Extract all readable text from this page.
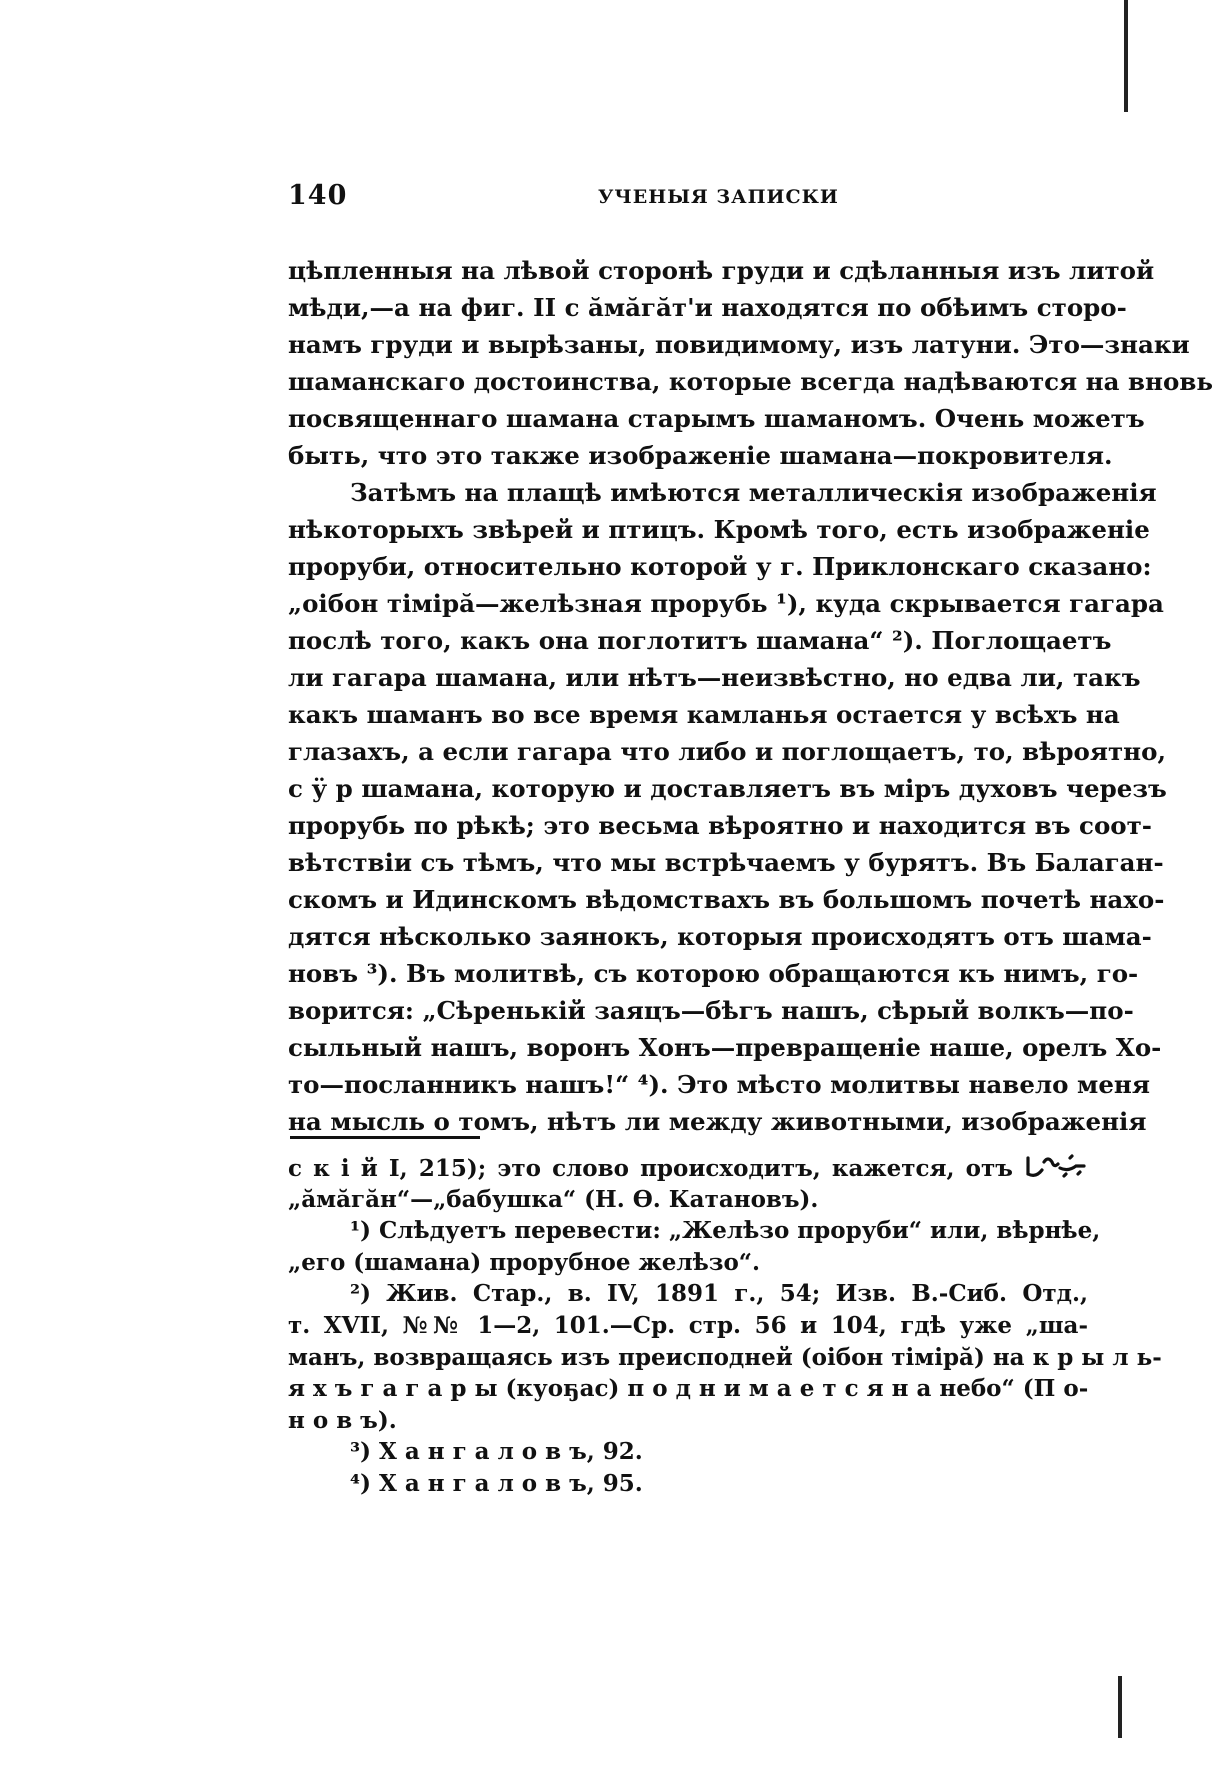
140	УЧЕНЫЯ ЗАПИСКИ
цѣпленныя на лѣвой сторонѣ груди и сдѣланныя изъ литой
мѣди,—а на фиг. II с ӑмӑгӑт'и находятся по обѣимъ сторо-
намъ груди и вырѣзаны, повидимому, изъ латуни. Это—знаки
шаманскаго достоинства, которые всегда надѣваются на вновь
посвященнаго шамана старымъ шаманомъ. Очень можетъ
быть, что это также изображеніе шамана—покровителя.
Затѣмъ на плащѣ имѣются металлическія изображенія
нѣкоторыхъ звѣрей и птицъ. Кромѣ того, есть изображеніе
проруби, относительно которой у г. Приклонскаго сказано:
„оiбон тiмiрӑ—желѣзная прорубь ¹), куда скрывается гагара
послѣ того, какъ она поглотитъ шамана“ ²). Поглощаетъ
ли гагара шамана, или нѣтъ—неизвѣстно, но едва ли, такъ
какъ шаманъ во все время камланья остается у всѣхъ на
глазахъ, а если гагара что либо и поглощаетъ, то, вѣроятно,
с ӱ р шамана, которую и доставляетъ въ міръ духовъ черезъ
прорубь по рѣкѣ; это весьма вѣроятно и находится въ соот-
вѣтствіи съ тѣмъ, что мы встрѣчаемъ у бурятъ. Въ Балаган-
скомъ и Идинскомъ вѣдомствахъ въ большомъ почетѣ нахо-
дятся нѣсколько заянокъ, которыя происходятъ отъ шама-
новъ ³). Въ молитвѣ, съ которою обращаются къ нимъ, го-
ворится: „Сѣренькій заяцъ—бѣгъ нашъ, сѣрый волкъ—по-
сыльный нашъ, воронъ Хонъ—превращеніе наше, орелъ Хо-
то—посланникъ нашъ!“ ⁴). Это мѣсто молитвы навело меня
на мысль о томъ, нѣтъ ли между животными, изображенія
с к і й I, 215); это слово происходитъ, кажется, отъ
„ӑмӑгӑн“—„бабушка“ (Н. Ѳ. Катановъ).
¹) Слѣдуетъ перевести: „Желѣзо проруби“ или, вѣрнѣе,
„его (шамана) прорубное желѣзо“.
²) Жив. Стар., в. IV, 1891 г., 54; Изв. В.-Сиб. Отд.,
т. XVII, №№ 1—2, 101.—Ср. стр. 56 и 104, гдѣ уже „ша-
манъ, возвращаясь изъ преисподней (оiбон тiмiрӑ) на к р ы л ь-
я х ъ г а г а р ы (куоҕас) п о д н и м а е т с я н а небо“ (П о-
н о в ъ).
³) Х а н г а л о в ъ, 92.
⁴) Х а н г а л о в ъ, 95.
